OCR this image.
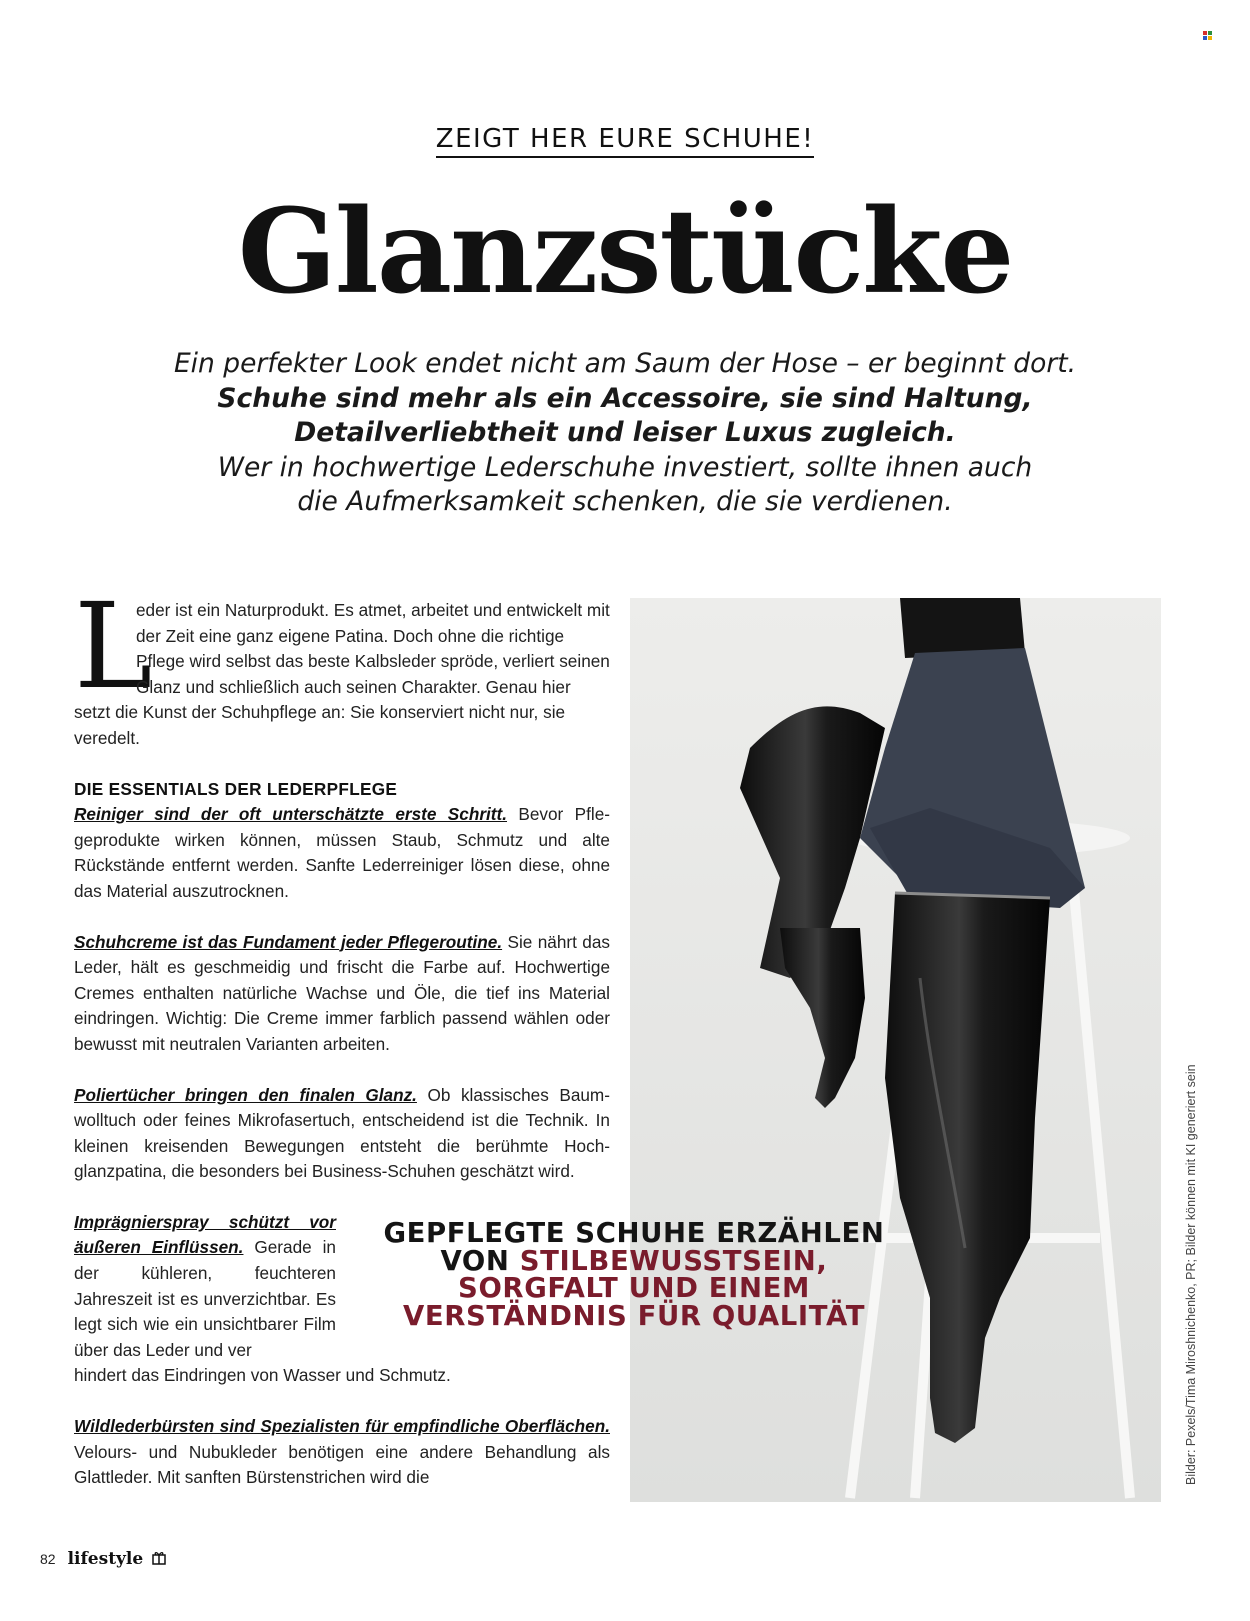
ZEIGT HER EURE SCHUHE!
Glanzstücke
Ein perfekter Look endet nicht am Saum der Hose – er beginnt dort.
Schuhe sind mehr als ein Accessoire, sie sind Haltung,
Detailverliebtheit und leiser Luxus zugleich.
Wer in hochwertige Lederschuhe investiert, sollte ihnen auch
die Aufmerksamkeit schenken, die sie verdienen.

L
eder ist ein Naturprodukt. Es atmet, arbeitet und entwickelt mit der Zeit eine ganz eigene Patina. Doch ohne die richtige Pflege wird selbst das beste Kalbsleder spröde, verliert seinen Glanz und schließlich auch seinen Charakter. Genau hier setzt die Kunst der Schuhpflege an: Sie konserviert nicht nur, sie veredelt.

DIE ESSENTIALS DER LEDERPFLEGE

Reiniger sind der oft unterschätzte erste Schritt. Bevor Pflegeprodukte wirken können, müssen Staub, Schmutz und alte Rückstände entfernt werden. Sanfte Lederreiniger lösen diese, ohne das Material auszutrocknen.

Schuhcreme ist das Fundament jeder Pflegeroutine. Sie nährt das Leder, hält es geschmeidig und frischt die Farbe auf. Hochwertige Cremes enthalten natürliche Wachse und Öle, die tief ins Material eindringen. Wichtig: Die Creme immer farblich passend wählen oder bewusst mit neutralen Varianten arbeiten.

Poliertücher bringen den finalen Glanz. Ob klassisches Baumwolltuch oder feines Mikrofasertuch, entscheidend ist die Technik. In kleinen kreisenden Bewegungen entsteht die berühmte Hochglanzpatina, die besonders bei Business-Schuhen geschätzt wird.

Imprägnierspray schützt vor äußeren Einflüssen. Gerade in der kühleren, feuchteren Jahreszeit ist es unverzichtbar. Es legt sich wie ein unsichtbarer Film über das Leder und ver

hindert das Eindringen von Wasser und Schmutz.

Wildlederbürsten sind Spezialisten für empfindliche Oberflächen. Velours- und Nubukleder benötigen eine andere Behandlung als Glattleder. Mit sanften Bürstenstrichen wird die

GEPFLEGTE SCHUHE ERZÄHLEN
VON STILBEWUSSTSEIN,
SORGFALT UND EINEM
VERSTÄNDNIS FÜR QUALITÄT	Bilder: Pexels/Tima Miroshnichenko, PR; Bilder können mit KI generiert sein
82 lifestyle
